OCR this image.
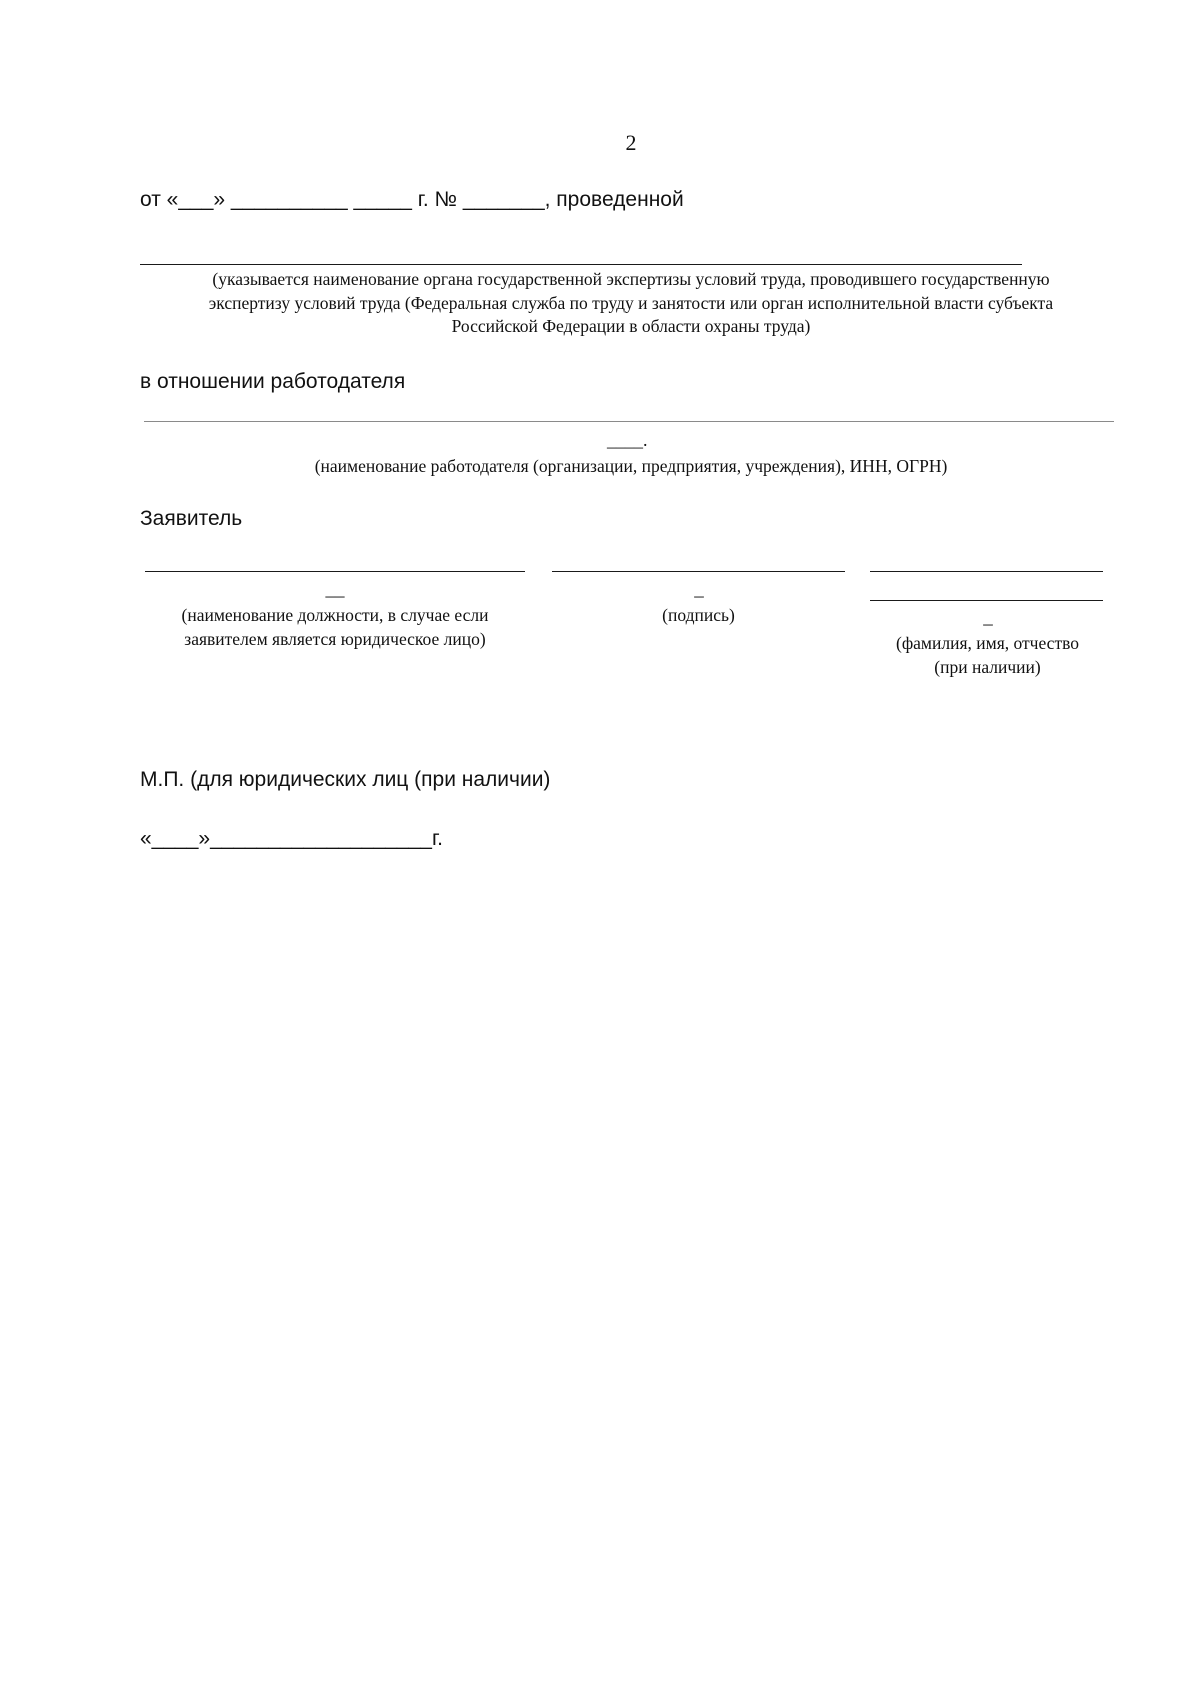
2
от «___» __________ _____ г. № _______, проведенной
(указывается наименование органа государственной экспертизы условий труда, проводившего государственную
экспертизу условий труда (Федеральная служба по труду и занятости или орган исполнительной власти субъекта
Российской Федерации в области охраны труда)
в отношении работодателя
____.
(наименование работодателя (организации, предприятия, учреждения), ИНН, ОГРН)
Заявитель
__
(наименование должности, в случае если
заявителем является юридическое лицо)
_
(подпись)	_
(фамилия, имя, отчество
(при наличии)
М.П. (для юридических лиц (при наличии)
«____»___________________г.
